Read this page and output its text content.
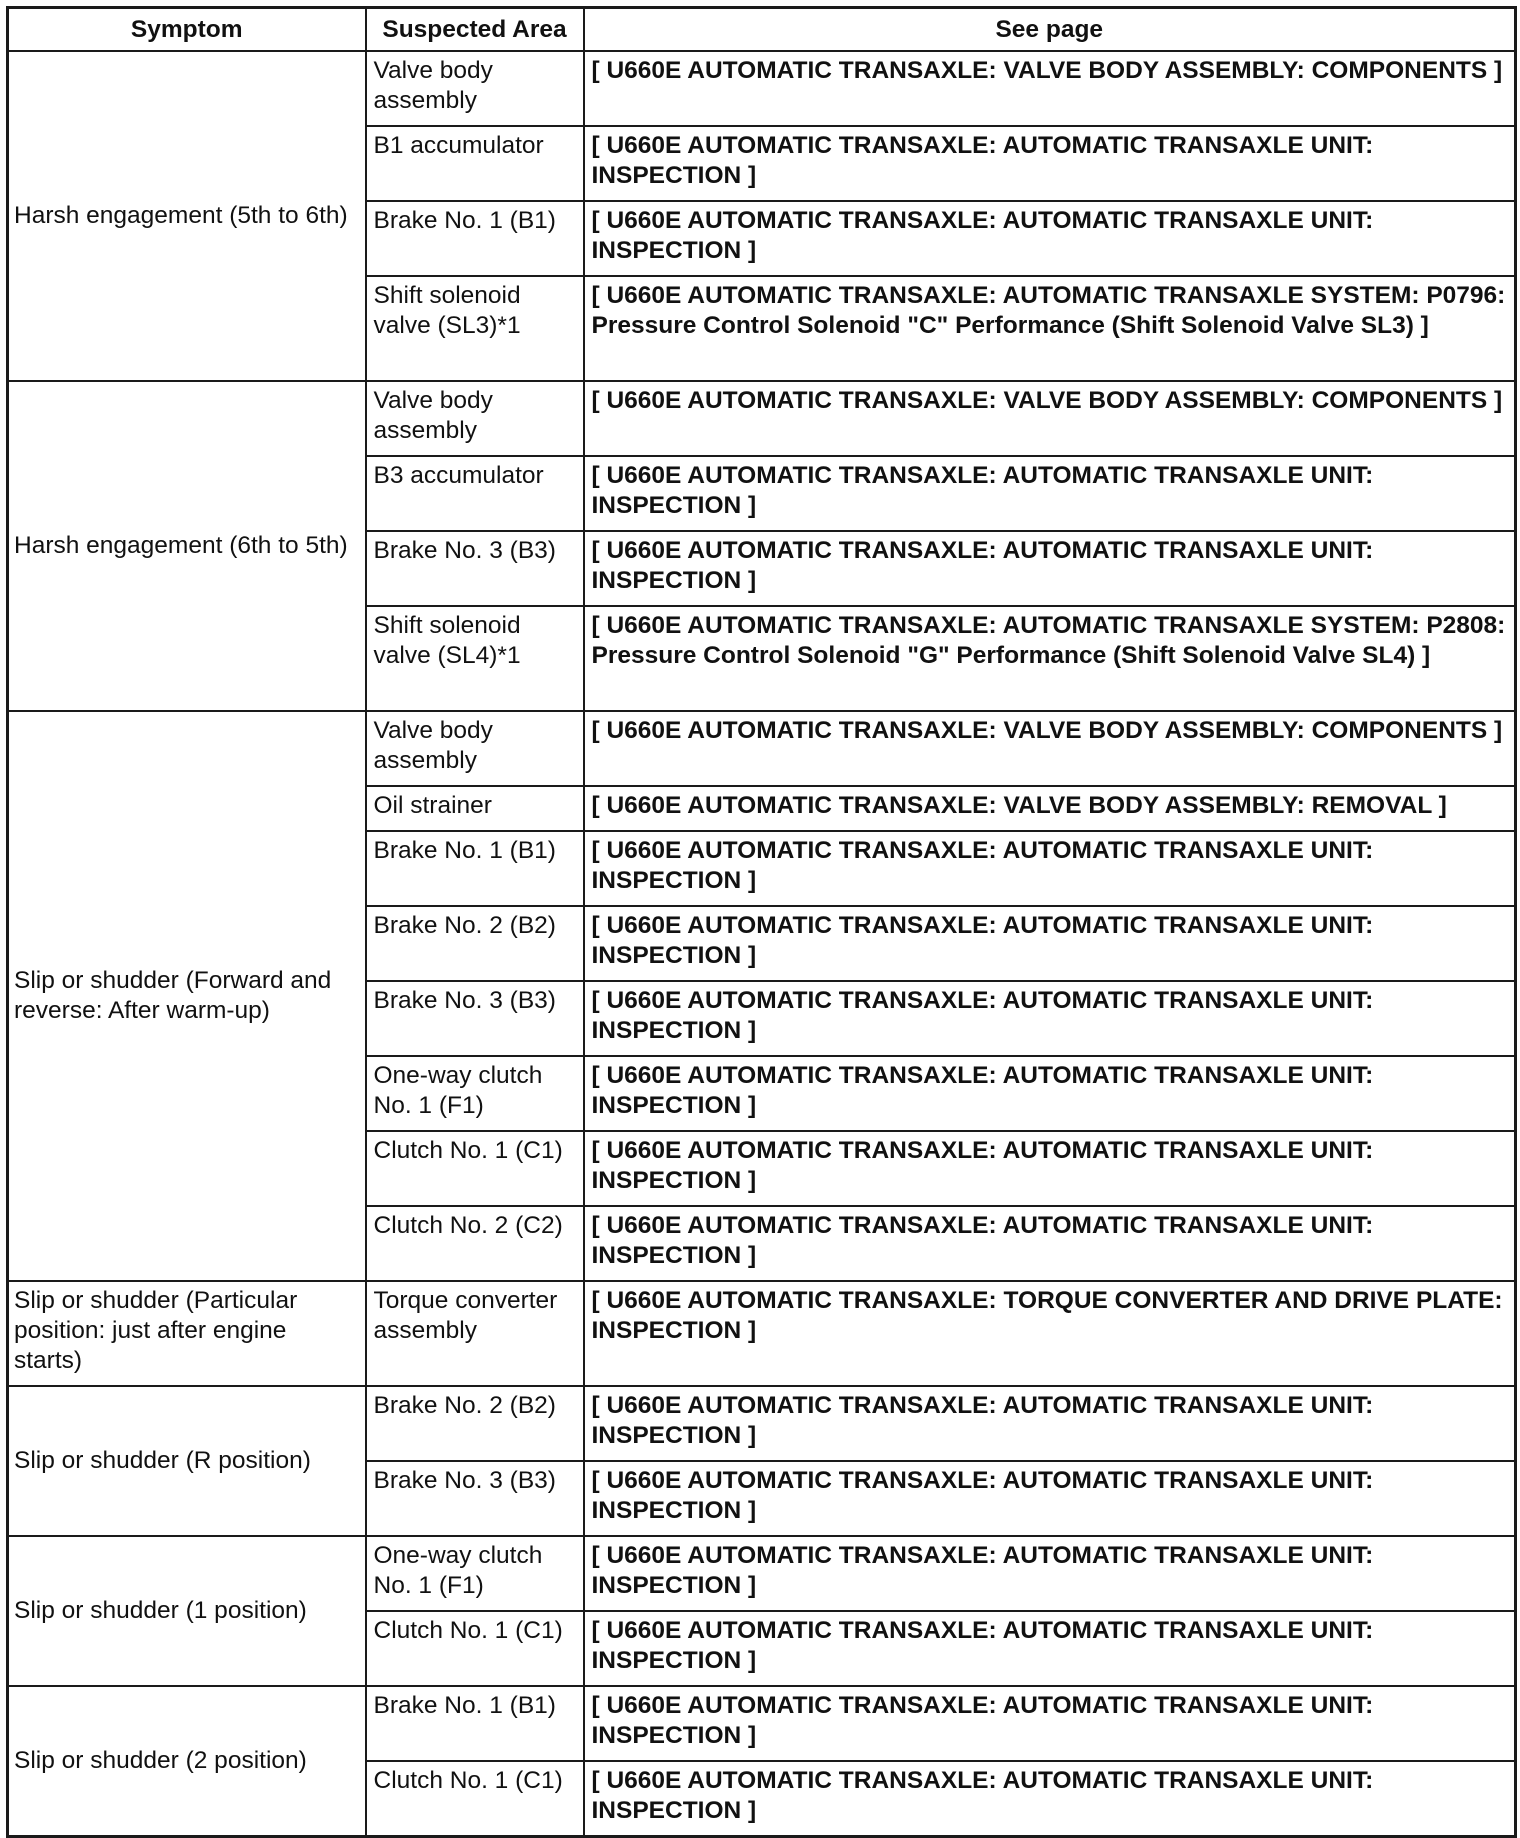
Symptom	Suspected Area	See page
Harsh engagement (5th to 6th)	Valve body assembly	[ U660E AUTOMATIC TRANSAXLE: VALVE BODY ASSEMBLY: COMPONENTS ]
	B1 accumulator	[ U660E AUTOMATIC TRANSAXLE: AUTOMATIC TRANSAXLE UNIT: INSPECTION ]
	Brake No. 1 (B1)	[ U660E AUTOMATIC TRANSAXLE: AUTOMATIC TRANSAXLE UNIT: INSPECTION ]
	Shift solenoid valve (SL3)*1	[ U660E AUTOMATIC TRANSAXLE: AUTOMATIC TRANSAXLE SYSTEM: P0796: Pressure Control Solenoid "C" Performance (Shift Solenoid Valve SL3) ]
Harsh engagement (6th to 5th)	Valve body assembly	[ U660E AUTOMATIC TRANSAXLE: VALVE BODY ASSEMBLY: COMPONENTS ]
	B3 accumulator	[ U660E AUTOMATIC TRANSAXLE: AUTOMATIC TRANSAXLE UNIT: INSPECTION ]
	Brake No. 3 (B3)	[ U660E AUTOMATIC TRANSAXLE: AUTOMATIC TRANSAXLE UNIT: INSPECTION ]
	Shift solenoid valve (SL4)*1	[ U660E AUTOMATIC TRANSAXLE: AUTOMATIC TRANSAXLE SYSTEM: P2808: Pressure Control Solenoid "G" Performance (Shift Solenoid Valve SL4) ]
Slip or shudder (Forward and reverse: After warm-up)	Valve body assembly	[ U660E AUTOMATIC TRANSAXLE: VALVE BODY ASSEMBLY: COMPONENTS ]
	Oil strainer	[ U660E AUTOMATIC TRANSAXLE: VALVE BODY ASSEMBLY: REMOVAL ]
	Brake No. 1 (B1)	[ U660E AUTOMATIC TRANSAXLE: AUTOMATIC TRANSAXLE UNIT: INSPECTION ]
	Brake No. 2 (B2)	[ U660E AUTOMATIC TRANSAXLE: AUTOMATIC TRANSAXLE UNIT: INSPECTION ]
	Brake No. 3 (B3)	[ U660E AUTOMATIC TRANSAXLE: AUTOMATIC TRANSAXLE UNIT: INSPECTION ]
	One-way clutch No. 1 (F1)	[ U660E AUTOMATIC TRANSAXLE: AUTOMATIC TRANSAXLE UNIT: INSPECTION ]
	Clutch No. 1 (C1)	[ U660E AUTOMATIC TRANSAXLE: AUTOMATIC TRANSAXLE UNIT: INSPECTION ]
	Clutch No. 2 (C2)	[ U660E AUTOMATIC TRANSAXLE: AUTOMATIC TRANSAXLE UNIT: INSPECTION ]
Slip or shudder (Particular position: just after engine starts)	Torque converter assembly	[ U660E AUTOMATIC TRANSAXLE: TORQUE CONVERTER AND DRIVE PLATE: INSPECTION ]
Slip or shudder (R position)	Brake No. 2 (B2)	[ U660E AUTOMATIC TRANSAXLE: AUTOMATIC TRANSAXLE UNIT: INSPECTION ]
	Brake No. 3 (B3)	[ U660E AUTOMATIC TRANSAXLE: AUTOMATIC TRANSAXLE UNIT: INSPECTION ]
Slip or shudder (1 position)	One-way clutch No. 1 (F1)	[ U660E AUTOMATIC TRANSAXLE: AUTOMATIC TRANSAXLE UNIT: INSPECTION ]
	Clutch No. 1 (C1)	[ U660E AUTOMATIC TRANSAXLE: AUTOMATIC TRANSAXLE UNIT: INSPECTION ]
Slip or shudder (2 position)	Brake No. 1 (B1)	[ U660E AUTOMATIC TRANSAXLE: AUTOMATIC TRANSAXLE UNIT: INSPECTION ]
	Clutch No. 1 (C1)	[ U660E AUTOMATIC TRANSAXLE: AUTOMATIC TRANSAXLE UNIT: INSPECTION ]
